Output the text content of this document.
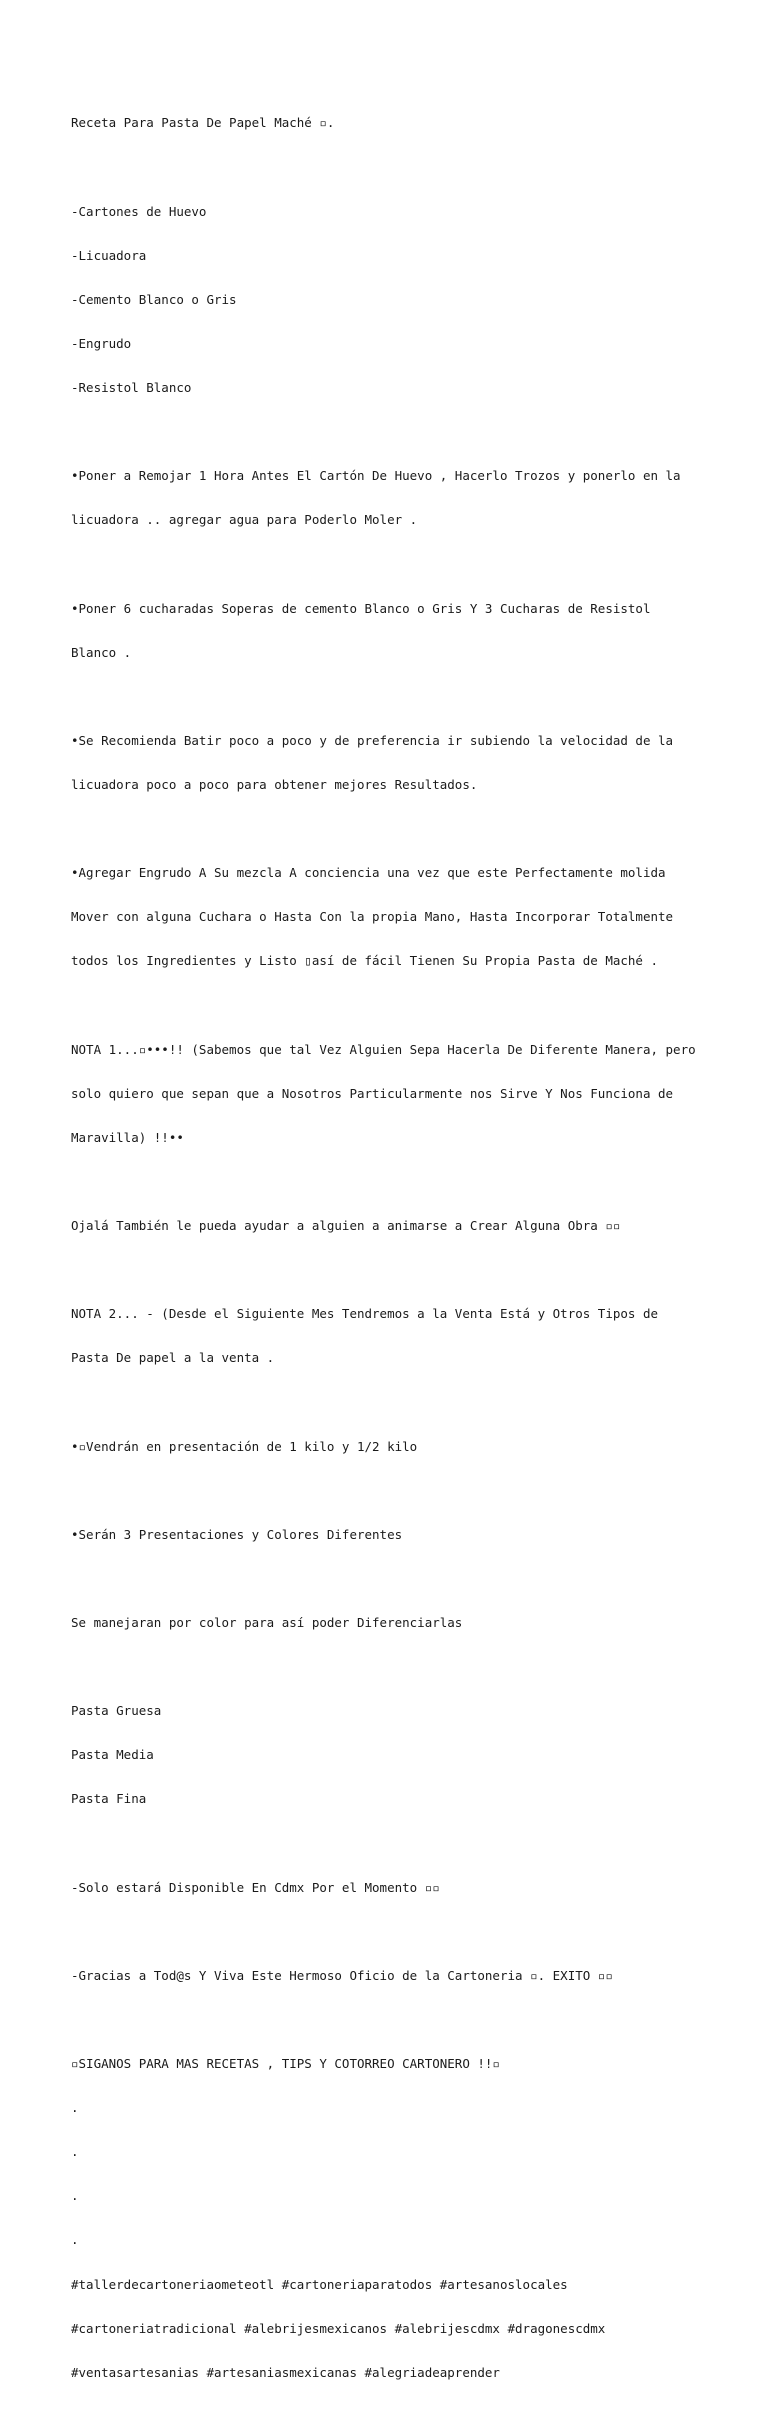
Receta Para Pasta De Papel Maché ▫.

-Cartones de Huevo

-Licuadora

-Cemento Blanco o Gris

-Engrudo

-Resistol Blanco

•Poner a Remojar 1 Hora Antes El Cartón De Huevo , Hacerlo Trozos y ponerlo en la

licuadora .. agregar agua para Poderlo Moler .

•Poner 6 cucharadas Soperas de cemento Blanco o Gris Y 3 Cucharas de Resistol

Blanco .

•Se Recomienda Batir poco a poco y de preferencia ir subiendo la velocidad de la

licuadora poco a poco para obtener mejores Resultados.

•Agregar Engrudo A Su mezcla A conciencia una vez que este Perfectamente molida

Mover con alguna Cuchara o Hasta Con la propia Mano, Hasta Incorporar Totalmente

todos los Ingredientes y Listo ▯así de fácil Tienen Su Propia Pasta de Maché .

NOTA 1...▫•••!! (Sabemos que tal Vez Alguien Sepa Hacerla De Diferente Manera, pero

solo quiero que sepan que a Nosotros Particularmente nos Sirve Y Nos Funciona de

Maravilla) !!••

Ojalá También le pueda ayudar a alguien a animarse a Crear Alguna Obra ▫▫

NOTA 2... - (Desde el Siguiente Mes Tendremos a la Venta Está y Otros Tipos de

Pasta De papel a la venta .

•▫Vendrán en presentación de 1 kilo y 1/2 kilo

•Serán 3 Presentaciones y Colores Diferentes

Se manejaran por color para así poder Diferenciarlas

Pasta Gruesa

Pasta Media

Pasta Fina

-Solo estará Disponible En Cdmx Por el Momento ▫▫

-Gracias a Tod@s Y Viva Este Hermoso Oficio de la Cartoneria ▫. EXITO ▫▫

▫SIGANOS PARA MAS RECETAS , TIPS Y COTORREO CARTONERO !!▫

.

.

.

.

#tallerdecartoneriaometeotl #cartoneriaparatodos #artesanoslocales

#cartoneriatradicional #alebrijesmexicanos #alebrijescdmx #dragonescdmx

#ventasartesanias #artesaniasmexicanas #alegriadeaprender
